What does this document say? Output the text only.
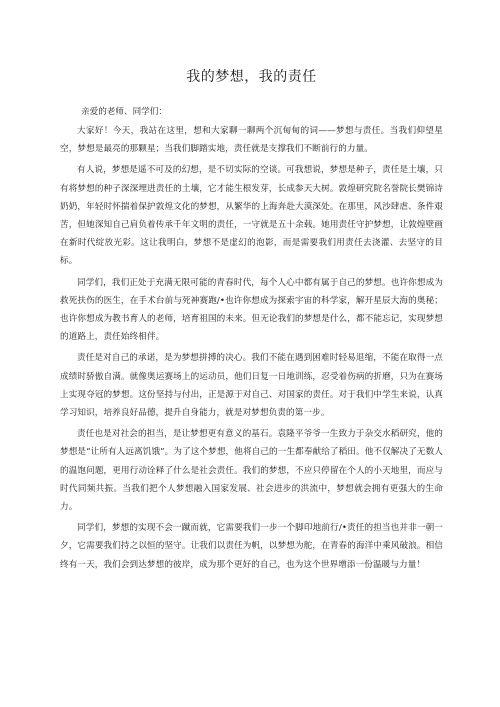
我的梦想，我的责任

亲爱的老师、同学们：

大家好！今天，我站在这里，想和大家聊一聊两个沉甸甸的词——梦想与责任。当我们仰望星空，梦想是最亮的那颗星；当我们脚踏实地，责任就是支撑我们不断前行的力量。

有人说，梦想是遥不可及的幻想，是不切实际的空谈。可我想说，梦想是种子，责任是土壤，只有将梦想的种子深深埋进责任的土壤，它才能生根发芽，长成参天大树。敦煌研究院名誉院长樊锦诗奶奶，年轻时怀揣着保护敦煌文化的梦想，从繁华的上海奔赴大漠深处。在那里，风沙肆虐、条件艰苦，但她深知自己肩负着传承千年文明的责任，一守就是五十余载。她用责任守护梦想，让敦煌壁画在新时代绽放光彩。这让我明白，梦想不是虚幻的泡影，而是需要我们用责任去浇灌、去坚守的目标。

同学们，我们正处于充满无限可能的青春时代，每个人心中都有属于自己的梦想。也许你想成为救死扶伤的医生，在手术台前与死神赛跑/•也许你想成为探索宇宙的科学家，解开星辰大海的奥秘；也许你想成为教书育人的老师，培育祖国的未来。但无论我们的梦想是什么，都不能忘记，实现梦想的道路上，责任始终相伴。

责任是对自己的承诺，是为梦想拼搏的决心。我们不能在遇到困难时轻易退缩，不能在取得一点成绩时骄傲自满。就像奥运赛场上的运动员，他们日复一日地训练，忍受着伤病的折磨，只为在赛场上实现夺冠的梦想。这份坚持与付出，正是源于对自己、对国家的责任。对于我们中学生来说，认真学习知识，培养良好品德，提升自身能力，就是对梦想负责的第一步。

责任也是对社会的担当，是让梦想更有意义的基石。袁隆平爷爷一生致力于杂交水稻研究，他的梦想是“让所有人远离饥饿”。为了这个梦想，他将自己的一生都奉献给了稻田。他不仅解决了无数人的温饱问题，更用行动诠释了什么是社会责任。我们的梦想，不应只停留在个人的小天地里，而应与时代同频共振。当我们把个人梦想融入国家发展、社会进步的洪流中，梦想就会拥有更强大的生命力。

同学们，梦想的实现不会一蹴而就，它需要我们一步一个脚印地前行/•责任的担当也并非一朝一夕，它需要我们持之以恒的坚守。让我们以责任为帆，以梦想为舵，在青春的海洋中乘风破浪。相信终有一天，我们会到达梦想的彼岸，成为那个更好的自己，也为这个世界增添一份温暖与力量！
